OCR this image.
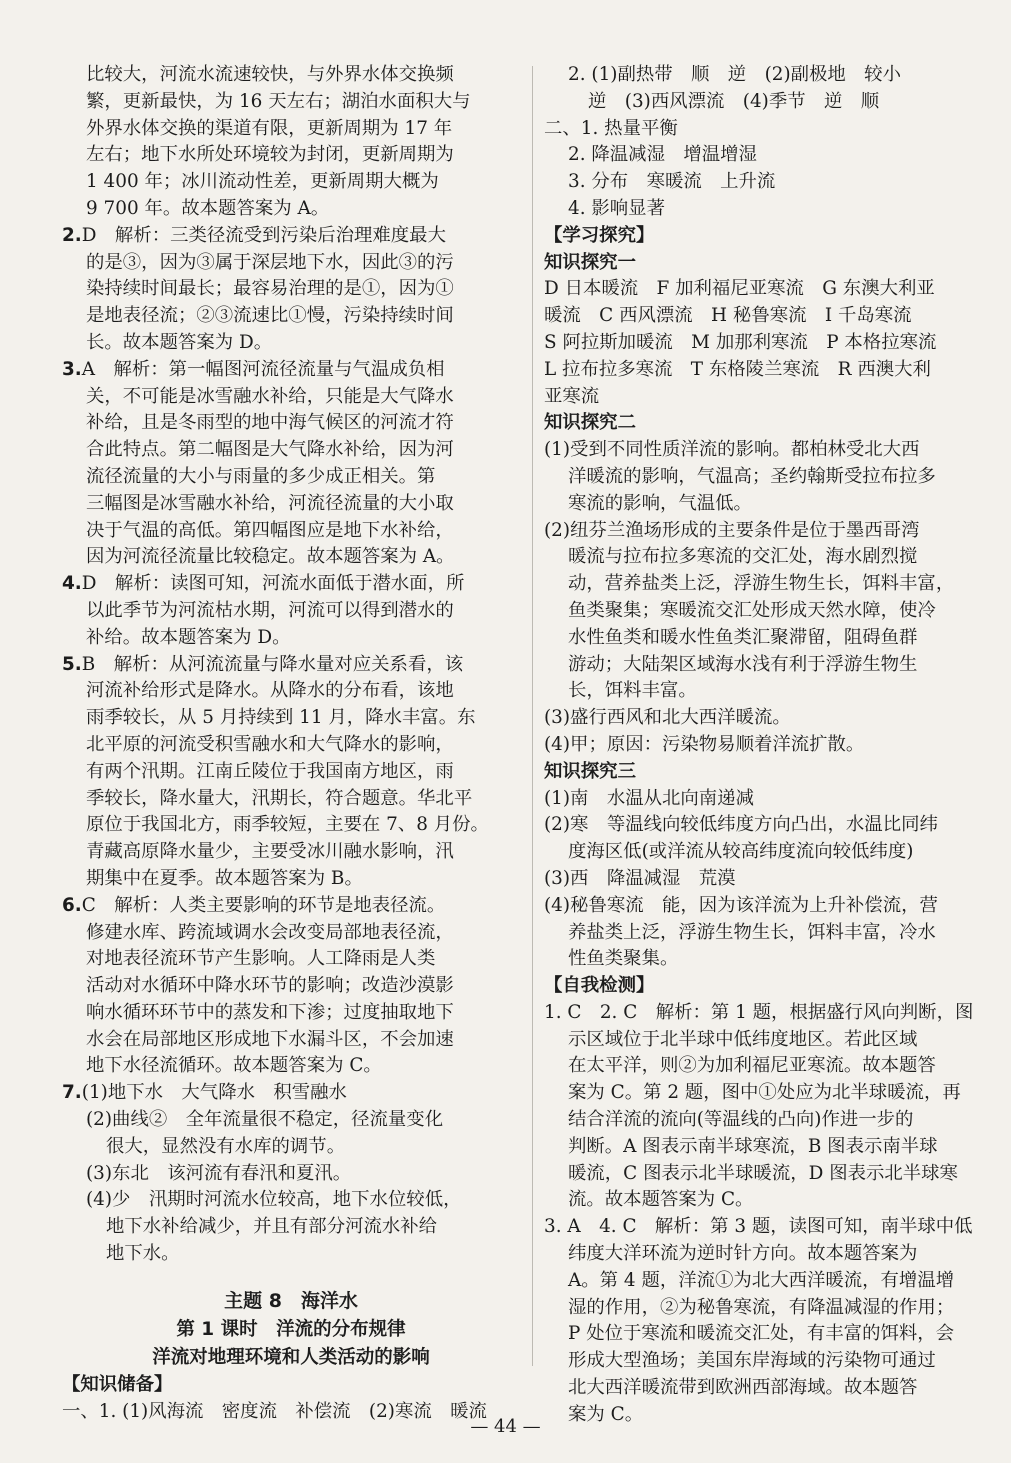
比较大，河流水流速较快，与外界水体交换频
繁，更新最快，为 16 天左右；湖泊水面积大与
外界水体交换的渠道有限，更新周期为 17 年
左右；地下水所处环境较为封闭，更新周期为
1 400 年；冰川流动性差，更新周期大概为
9 700 年。故本题答案为 A。
2.D　解析：三类径流受到污染后治理难度最大
的是③，因为③属于深层地下水，因此③的污
染持续时间最长；最容易治理的是①，因为①
是地表径流；②③流速比①慢，污染持续时间
长。故本题答案为 D。
3.A　解析：第一幅图河流径流量与气温成负相
关，不可能是冰雪融水补给，只能是大气降水
补给，且是冬雨型的地中海气候区的河流才符
合此特点。第二幅图是大气降水补给，因为河
流径流量的大小与雨量的多少成正相关。第
三幅图是冰雪融水补给，河流径流量的大小取
决于气温的高低。第四幅图应是地下水补给，
因为河流径流量比较稳定。故本题答案为 A。
4.D　解析：读图可知，河流水面低于潜水面，所
以此季节为河流枯水期，河流可以得到潜水的
补给。故本题答案为 D。
5.B　解析：从河流流量与降水量对应关系看，该
河流补给形式是降水。从降水的分布看，该地
雨季较长，从 5 月持续到 11 月，降水丰富。东
北平原的河流受积雪融水和大气降水的影响，
有两个汛期。江南丘陵位于我国南方地区，雨
季较长，降水量大，汛期长，符合题意。华北平
原位于我国北方，雨季较短，主要在 7、8 月份。
青藏高原降水量少，主要受冰川融水影响，汛
期集中在夏季。故本题答案为 B。
6.C　解析：人类主要影响的环节是地表径流。
修建水库、跨流域调水会改变局部地表径流，
对地表径流环节产生影响。人工降雨是人类
活动对水循环中降水环节的影响；改造沙漠影
响水循环环节中的蒸发和下渗；过度抽取地下
水会在局部地区形成地下水漏斗区，不会加速
地下水径流循环。故本题答案为 C。
7.(1)地下水　大气降水　积雪融水
(2)曲线②　全年流量很不稳定，径流量变化
很大，显然没有水库的调节。
(3)东北　该河流有春汛和夏汛。
(4)少　汛期时河流水位较高，地下水位较低，
地下水补给减少，并且有部分河流水补给
地下水。
主题 8　海洋水
第 1 课时　洋流的分布规律
洋流对地理环境和人类活动的影响
【知识储备】
一、1. (1)风海流　密度流　补偿流　(2)寒流　暖流
2. (1)副热带　顺　逆　(2)副极地　较小
逆　(3)西风漂流　(4)季节　逆　顺
二、1. 热量平衡
2. 降温减湿　增温增湿
3. 分布　寒暖流　上升流
4. 影响显著
【学习探究】
知识探究一
D 日本暖流　F 加利福尼亚寒流　G 东澳大利亚
暖流　C 西风漂流　H 秘鲁寒流　I 千岛寒流
S 阿拉斯加暖流　M 加那利寒流　P 本格拉寒流
L 拉布拉多寒流　T 东格陵兰寒流　R 西澳大利
亚寒流
知识探究二
(1)受到不同性质洋流的影响。都柏林受北大西
洋暖流的影响，气温高；圣约翰斯受拉布拉多
寒流的影响，气温低。
(2)纽芬兰渔场形成的主要条件是位于墨西哥湾
暖流与拉布拉多寒流的交汇处，海水剧烈搅
动，营养盐类上泛，浮游生物生长，饵料丰富，
鱼类聚集；寒暖流交汇处形成天然水障，使冷
水性鱼类和暖水性鱼类汇聚滞留，阻碍鱼群
游动；大陆架区域海水浅有利于浮游生物生
长，饵料丰富。
(3)盛行西风和北大西洋暖流。
(4)甲；原因：污染物易顺着洋流扩散。
知识探究三
(1)南　水温从北向南递减
(2)寒　等温线向较低纬度方向凸出，水温比同纬
度海区低(或洋流从较高纬度流向较低纬度)
(3)西　降温减湿　荒漠
(4)秘鲁寒流　能，因为该洋流为上升补偿流，营
养盐类上泛，浮游生物生长，饵料丰富，冷水
性鱼类聚集。
【自我检测】
1. C　2. C　解析：第 1 题，根据盛行风向判断，图
示区域位于北半球中低纬度地区。若此区域
在太平洋，则②为加利福尼亚寒流。故本题答
案为 C。第 2 题，图中①处应为北半球暖流，再
结合洋流的流向(等温线的凸向)作进一步的
判断。A 图表示南半球寒流，B 图表示南半球
暖流，C 图表示北半球暖流，D 图表示北半球寒
流。故本题答案为 C。
3. A　4. C　解析：第 3 题，读图可知，南半球中低
纬度大洋环流为逆时针方向。故本题答案为
A。第 4 题，洋流①为北大西洋暖流，有增温增
湿的作用，②为秘鲁寒流，有降温减湿的作用；
P 处位于寒流和暖流交汇处，有丰富的饵料，会
形成大型渔场；美国东岸海域的污染物可通过
北大西洋暖流带到欧洲西部海域。故本题答
案为 C。
— 44 —
